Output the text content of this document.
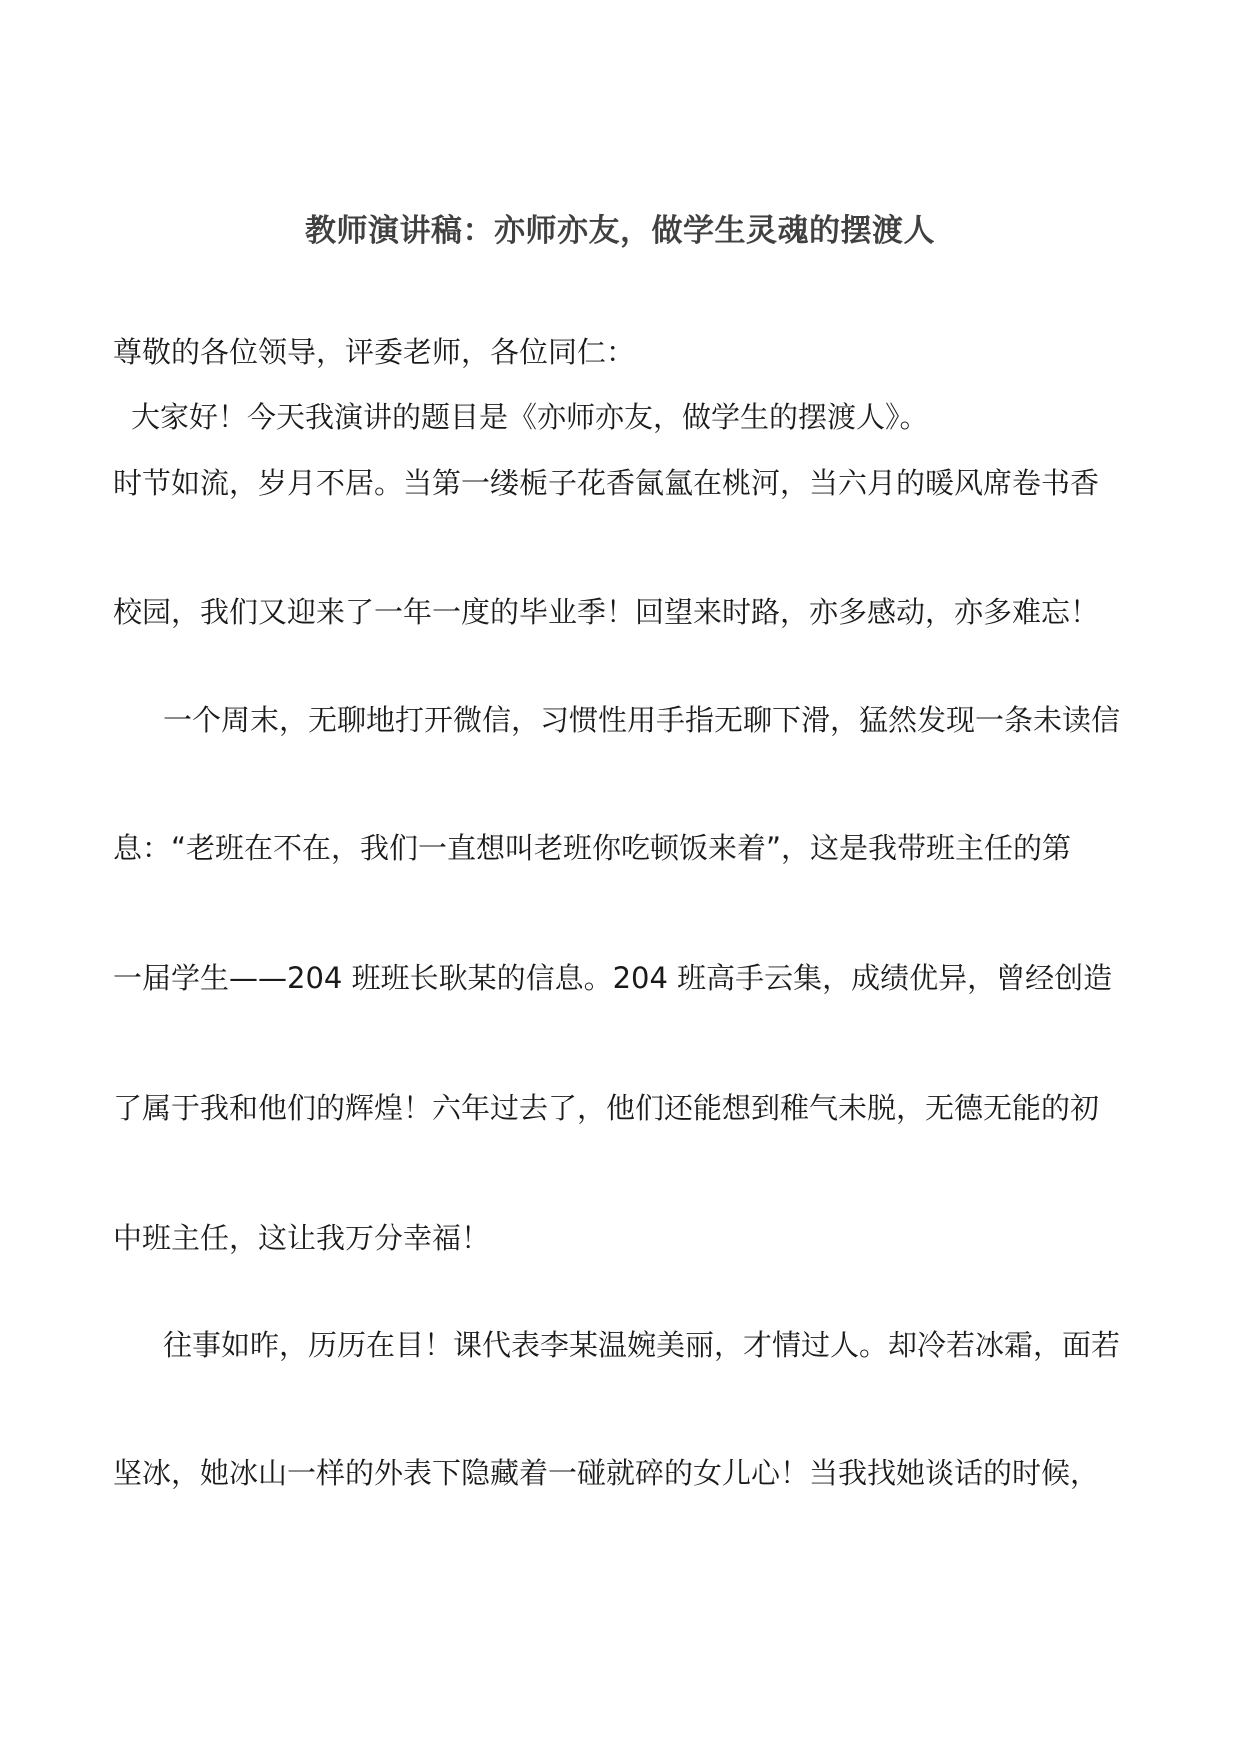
教师演讲稿：亦师亦友，做学生灵魂的摆渡人
尊敬的各位领导，评委老师，各位同仁：
大家好！今天我演讲的题目是《亦师亦友，做学生的摆渡人》。
时节如流，岁月不居。当第一缕栀子花香氤氳在桃河，当六月的暖风席卷书香
校园，我们又迎来了一年一度的毕业季！回望来时路，亦多感动，亦多难忘！
一个周末，无聊地打开微信，习惯性用手指无聊下滑，猛然发现一条未读信
息：“老班在不在，我们一直想叫老班你吃顿饭来着”，这是我带班主任的第
一届学生——204 班班长耿某的信息。204 班高手云集，成绩优异，曾经创造
了属于我和他们的辉煌！六年过去了，他们还能想到稚气未脱，无德无能的初
中班主任，这让我万分幸福！
往事如昨，历历在目！课代表李某温婉美丽，才情过人。却冷若冰霜，面若
坚冰，她冰山一样的外表下隐藏着一碰就碎的女儿心！当我找她谈话的时候，
